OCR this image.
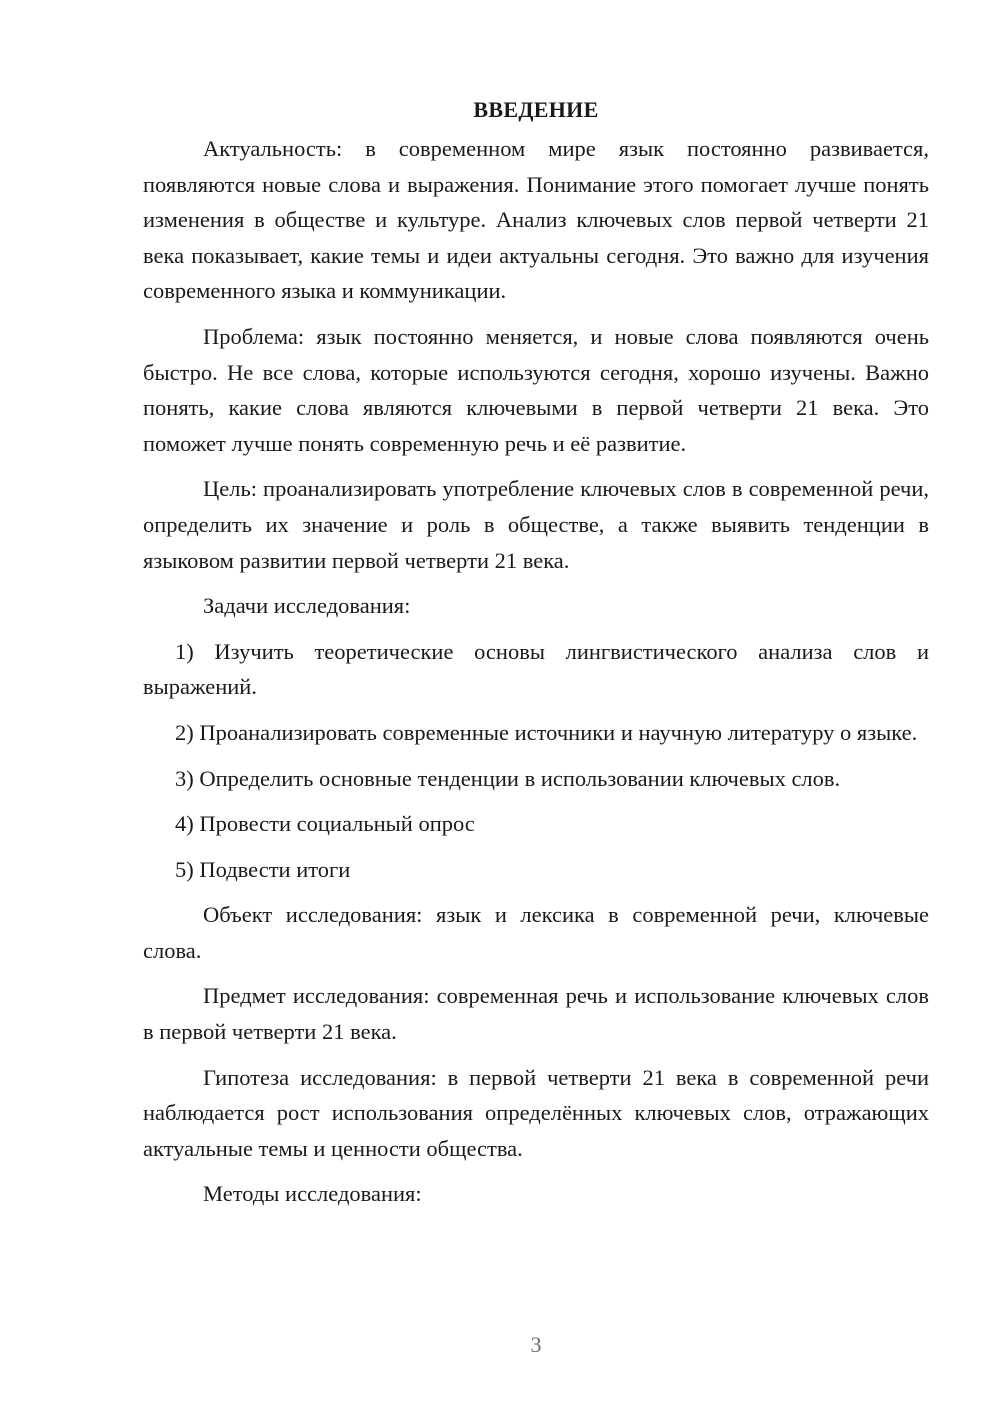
ВВЕДЕНИЕ

Актуальность: в современном мире язык постоянно развивается, появляются новые слова и выражения. Понимание этого помогает лучше понять изменения в обществе и культуре. Анализ ключевых слов первой четверти 21 века показывает, какие темы и идеи актуальны сегодня. Это важно для изучения современного языка и коммуникации.

Проблема: язык постоянно меняется, и новые слова появляются очень быстро. Не все слова, которые используются сегодня, хорошо изучены. Важно понять, какие слова являются ключевыми в первой четверти 21 века. Это поможет лучше понять современную речь и её развитие.

Цель: проанализировать употребление ключевых слов в современной речи, определить их значение и роль в обществе, а также выявить тенденции в языковом развитии первой четверти 21 века.

Задачи исследования:

1) Изучить теоретические основы лингвистического анализа слов и выражений.

2) Проанализировать современные источники и научную литературу о языке.

3) Определить основные тенденции в использовании ключевых слов.

4) Провести социальный опрос

5) Подвести итоги

Объект исследования: язык и лексика в современной речи, ключевые слова.

Предмет исследования: современная речь и использование ключевых слов в первой четверти 21 века.

Гипотеза исследования: в первой четверти 21 века в современной речи наблюдается рост использования определённых ключевых слов, отражающих актуальные темы и ценности общества.

Методы исследования:

3
